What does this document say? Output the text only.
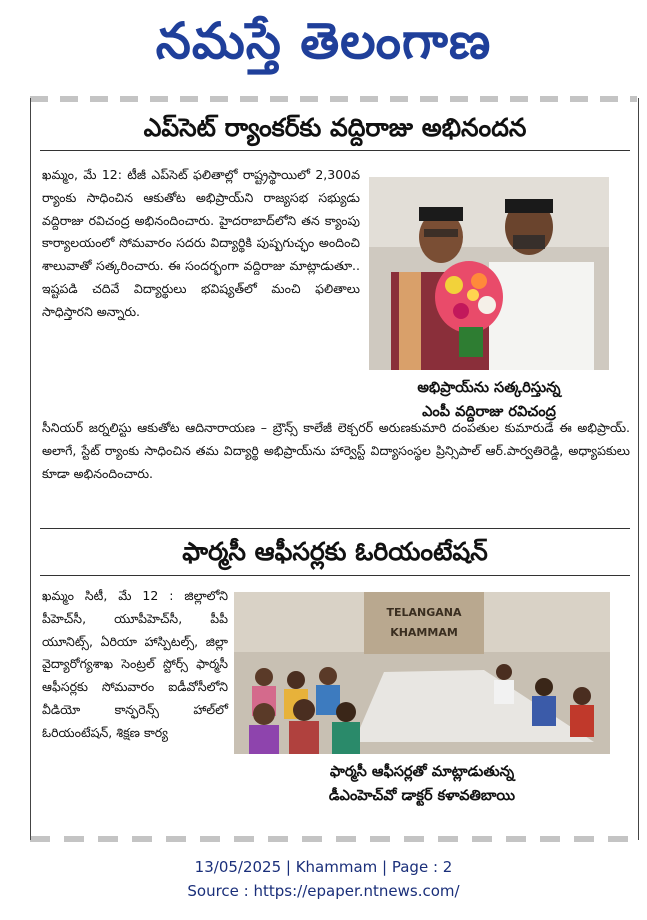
నమస్తే తెలంగాణ
ఎప్‌సెట్ ర్యాంకర్‌కు వద్దిరాజు అభినందన

ఖమ్మం, మే 12: టీజీ ఎప్‌సెట్ ఫలితాల్లో రాష్ట్రస్థాయిలో 2,300వ ర్యాంకు సాధించిన ఆకుతోట అభిప్రాయ్‌ని రాజ్యసభ సభ్యుడు వద్దిరాజు రవిచంద్ర అభినందించారు. హైదరాబాద్‌లోని తన క్యాంపు కార్యాలయంలో సోమవారం సదరు విద్యార్థికి పుష్పగుచ్ఛం అందించి శాలువాతో సత్కరించారు. ఈ సందర్భంగా వద్దిరాజు మాట్లాడుతూ.. ఇష్టపడి చదివే విద్యార్థులు భవిష్యత్‌లో మంచి ఫలితాలు సాధిస్తారని అన్నారు.

అభిప్రాయ్‌ను సత్కరిస్తున్న
ఎంపీ వద్దిరాజు రవిచంద్ర

సీనియర్ జర్నలిస్టు ఆకుతోట ఆదినారాయణ – బ్రౌన్స్ కాలేజీ లెక్చరర్ అరుణకుమారి దంపతుల కుమారుడే ఈ అభిప్రాయ్. అలాగే, స్టేట్ ర్యాంకు సాధించిన తమ విద్యార్థి అభిప్రాయ్‌ను హార్వెస్ట్ విద్యాసంస్థల ప్రిన్సిపాల్ ఆర్.పార్వతిరెడ్డి, అధ్యాపకులు కూడా అభినందించారు.

ఫార్మసీ ఆఫీసర్లకు ఓరియంటేషన్

ఖమ్మం సిటీ, మే 12 : జిల్లాలోని పీహెచ్‌సీ, యూపీహెచ్‌సీ, పీపీ యూనిట్స్, ఏరియా హాస్పిటల్స్, జిల్లా వైద్యారోగ్యశాఖ సెంట్రల్ స్టోర్స్ ఫార్మసీ ఆఫీసర్లకు సోమవారం ఐడీవోసీలోని వీడియో కాన్ఫరెన్స్ హాల్‌లో ఓరియంటేషన్, శిక్షణ కార్య

TELANGANA
KHAMMAM
ఫార్మసీ ఆఫీసర్లతో మాట్లాడుతున్న
డీఎంహెచ్‌వో డాక్టర్ కళావతిబాయి
13/05/2025 | Khammam | Page : 2
Source : https://epaper.ntnews.com/
